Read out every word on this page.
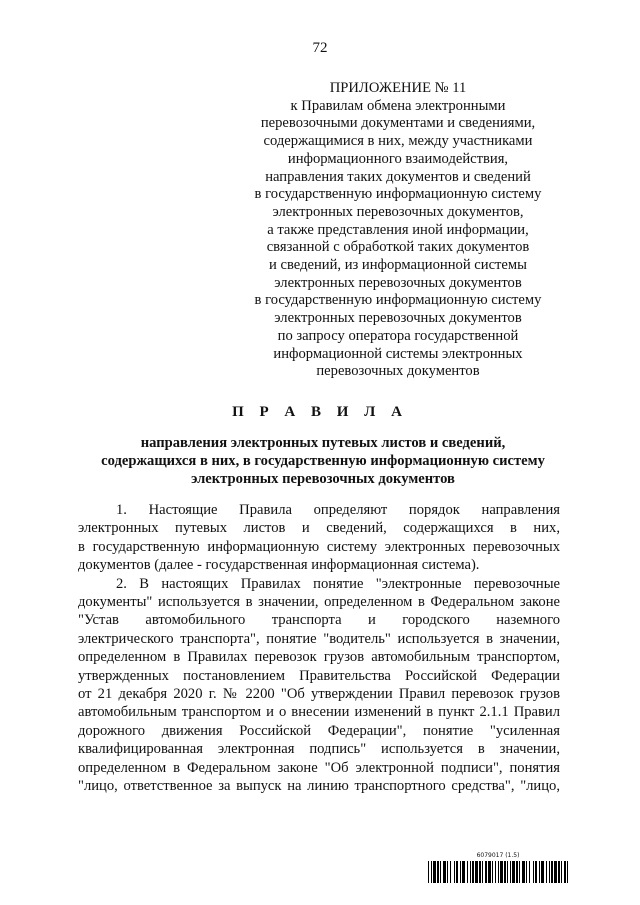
72
ПРИЛОЖЕНИЕ № 11
к Правилам обмена электронными
перевозочными документами и сведениями,
содержащимися в них, между участниками
информационного взаимодействия,
направления таких документов и сведений
в государственную информационную систему
электронных перевозочных документов,
а также представления иной информации,
связанной с обработкой таких документов
и сведений, из информационной системы
электронных перевозочных документов
в государственную информационную систему
электронных перевозочных документов
по запросу оператора государственной
информационной системы электронных
перевозочных документов
П Р А В И Л А
направления электронных путевых листов и сведений,
содержащихся в них, в государственную информационную систему
электронных перевозочных документов
1. Настоящие Правила определяют порядок направления
электронных путевых листов и сведений, содержащихся в них,
в государственную информационную систему электронных перевозочных
документов (далее - государственная информационная система).
2. В настоящих Правилах понятие "электронные перевозочные
документы" используется в значении, определенном в Федеральном законе
"Устав автомобильного транспорта и городского наземного
электрического транспорта", понятие "водитель" используется в значении,
определенном в Правилах перевозок грузов автомобильным транспортом,
утвержденных постановлением Правительства Российской Федерации
от 21 декабря 2020 г. № 2200 "Об утверждении Правил перевозок грузов
автомобильным транспортом и о внесении изменений в пункт 2.1.1 Правил
дорожного движения Российской Федерации", понятие "усиленная
квалифицированная электронная подпись" используется в значении,
определенном в Федеральном законе "Об электронной подписи", понятия
"лицо, ответственное за выпуск на линию транспортного средства", "лицо,
6079017 (1.5)
